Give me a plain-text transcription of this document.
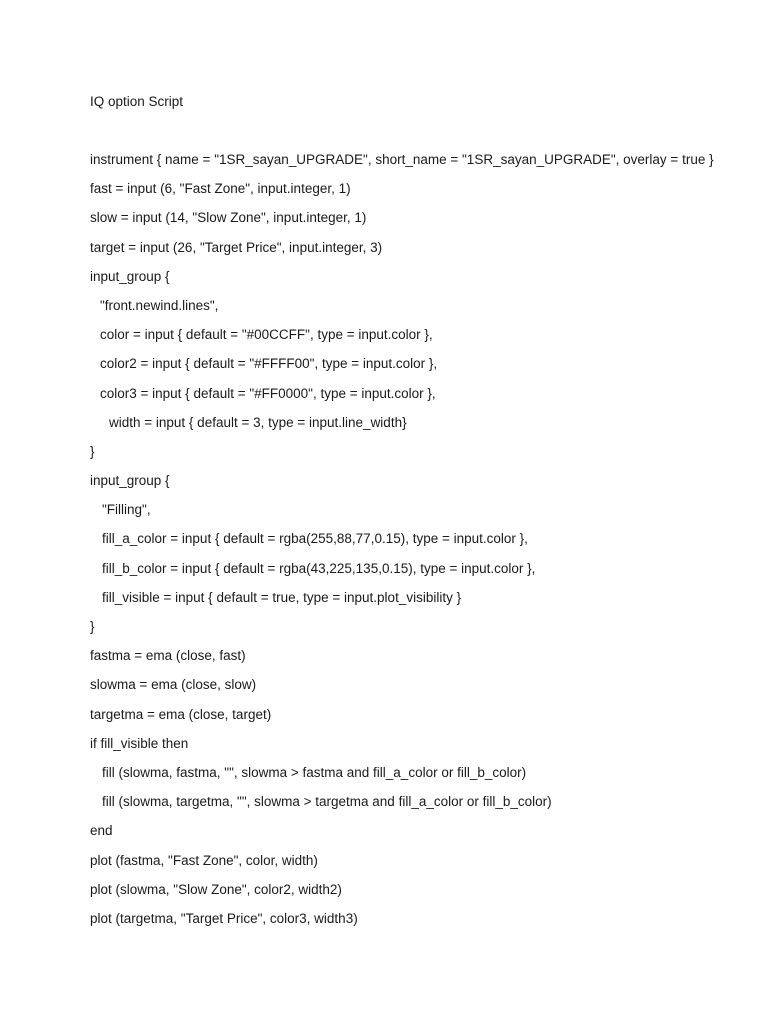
IQ option Script
instrument { name = "1SR_sayan_UPGRADE", short_name = "1SR_sayan_UPGRADE", overlay = true }
fast = input (6, "Fast Zone", input.integer, 1)
slow = input (14, "Slow Zone", input.integer, 1)
target = input (26, "Target Price", input.integer, 3)
input_group {
"front.newind.lines",
color = input { default = "#00CCFF", type = input.color },
color2 = input { default = "#FFFF00", type = input.color },
color3 = input { default = "#FF0000", type = input.color },
width = input { default = 3, type = input.line_width}
}
input_group {
"Filling",
fill_a_color = input { default = rgba(255,88,77,0.15), type = input.color },
fill_b_color = input { default = rgba(43,225,135,0.15), type = input.color },
fill_visible = input { default = true, type = input.plot_visibility }
}
fastma = ema (close, fast)
slowma = ema (close, slow)
targetma = ema (close, target)
if fill_visible then
fill (slowma, fastma, "", slowma > fastma and fill_a_color or fill_b_color)
fill (slowma, targetma, "", slowma > targetma and fill_a_color or fill_b_color)
end
plot (fastma, "Fast Zone", color, width)
plot (slowma, "Slow Zone", color2, width2)
plot (targetma, "Target Price", color3, width3)
